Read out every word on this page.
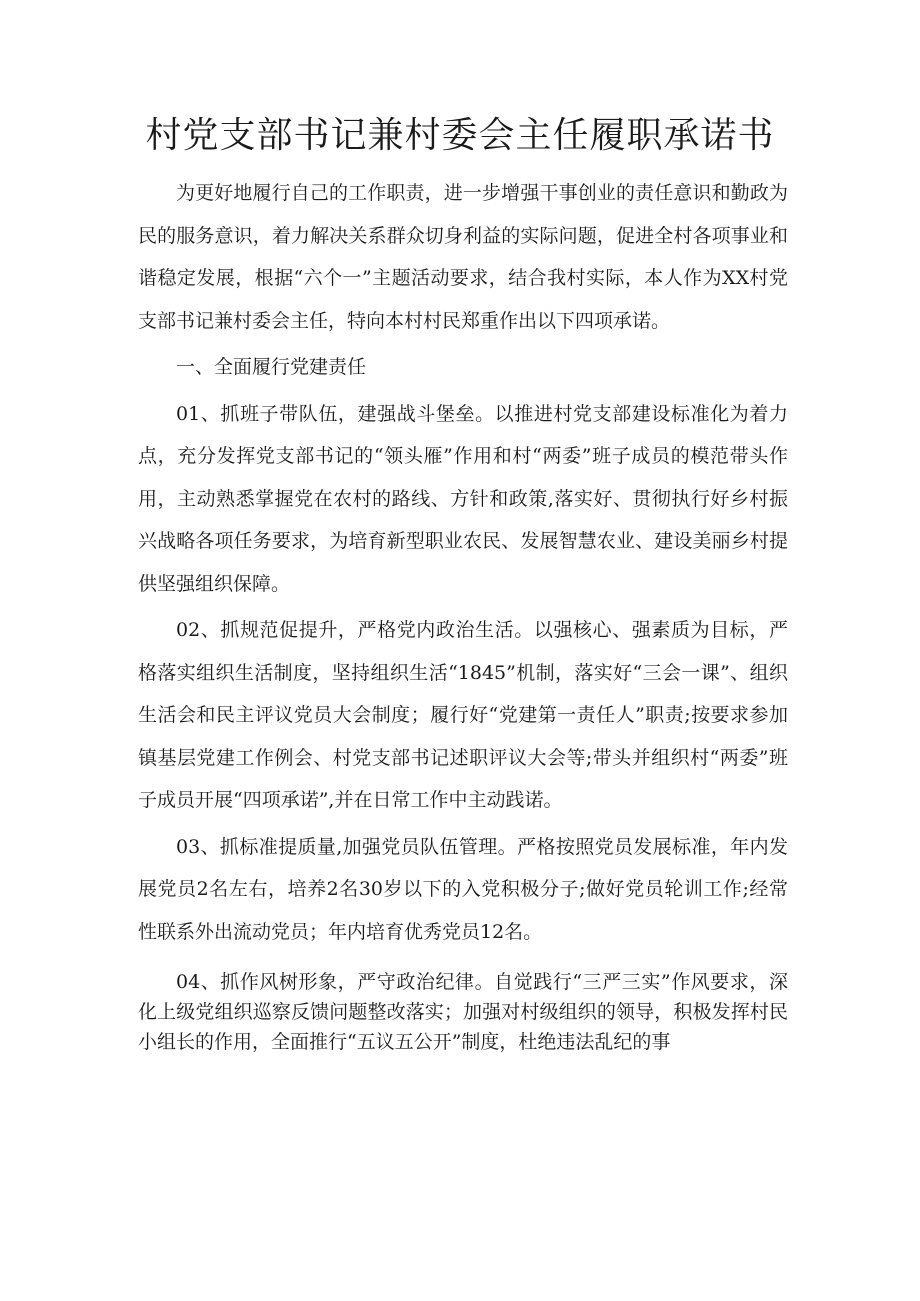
村党支部书记兼村委会主任履职承诺书

为更好地履行自己的工作职责，进一步增强干事创业的责任意识和勤政为民的服务意识，着力解决关系群众切身利益的实际问题，促进全村各项事业和谐稳定发展，根据“六个一”主题活动要求，结合我村实际，本人作为XX村党支部书记兼村委会主任，特向本村村民郑重作出以下四项承诺。

一、全面履行党建责任

01、抓班子带队伍，建强战斗堡垒。以推进村党支部建设标准化为着力点，充分发挥党支部书记的“领头雁”作用和村“两委”班子成员的模范带头作用，主动熟悉掌握党在农村的路线、方针和政策,落实好、贯彻执行好乡村振兴战略各项任务要求，为培育新型职业农民、发展智慧农业、建设美丽乡村提供坚强组织保障。

02、抓规范促提升，严格党内政治生活。以强核心、强素质为目标，严格落实组织生活制度，坚持组织生活“1845”机制，落实好“三会一课”、组织生活会和民主评议党员大会制度；履行好“党建第一责任人”职责;按要求参加镇基层党建工作例会、村党支部书记述职评议大会等;带头并组织村“两委”班子成员开展“四项承诺”,并在日常工作中主动践诺。

03、抓标准提质量,加强党员队伍管理。严格按照党员发展标准，年内发展党员2名左右，培养2名30岁以下的入党积极分子;做好党员轮训工作;经常性联系外出流动党员；年内培育优秀党员12名。

04、抓作风树形象，严守政治纪律。自觉践行“三严三实”作风要求，深化上级党组织巡察反馈问题整改落实；加强对村级组织的领导，积极发挥村民小组长的作用，全面推行“五议五公开”制度，杜绝违法乱纪的事
